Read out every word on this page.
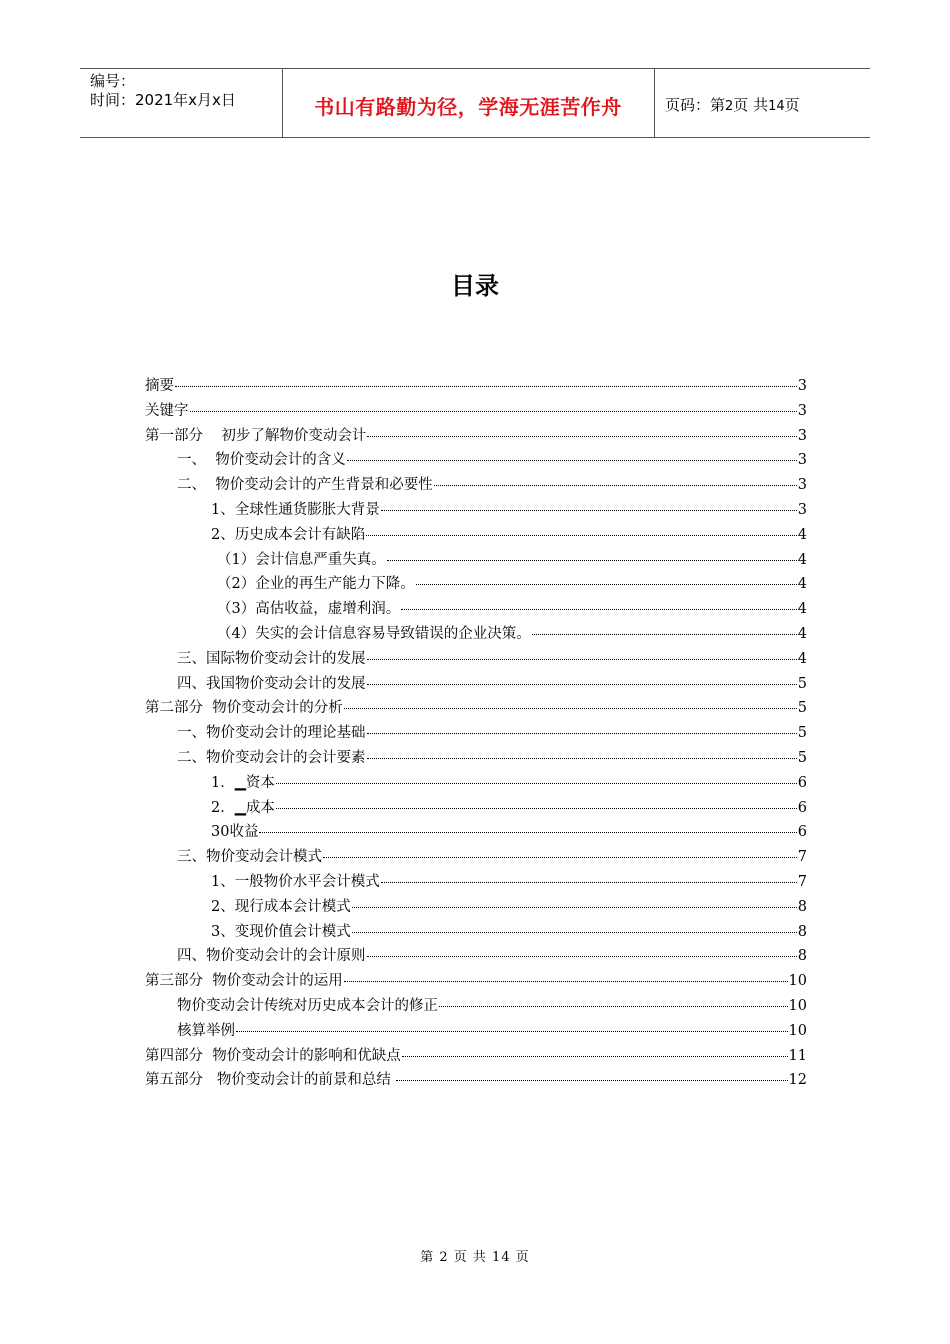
编号：
时间：2021年x月x日	书山有路勤为径，学海无涯苦作舟	页码：第2页 共14页
目录
摘要	3
关键字	3
第一部分    初步了解物价变动会计	3
一、  物价变动会计的含义	3
二、  物价变动会计的产生背景和必要性	3
1、全球性通货膨胀大背景	3
2、历史成本会计有缺陷	4
（1）会计信息严重失真。	4
（2）企业的再生产能力下降。	4
（3）高估收益，虚增利润。	4
（4）失实的会计信息容易导致错误的企业决策。	4
三、国际物价变动会计的发展	4
四、我国物价变动会计的发展	5
第二部分  物价变动会计的分析	5
一、物价变动会计的理论基础	5
二、物价变动会计的会计要素	5
1．▁资本	6
2．▁成本	6
30收益	6
三、物价变动会计模式	7
1、一般物价水平会计模式	7
2、现行成本会计模式	8
3、变现价值会计模式	8
四、物价变动会计的会计原则	8
第三部分  物价变动会计的运用	10
物价变动会计传统对历史成本会计的修正	10
核算举例	10
第四部分  物价变动会计的影响和优缺点	11
第五部分   物价变动会计的前景和总结	12
第 2 页 共 14 页
